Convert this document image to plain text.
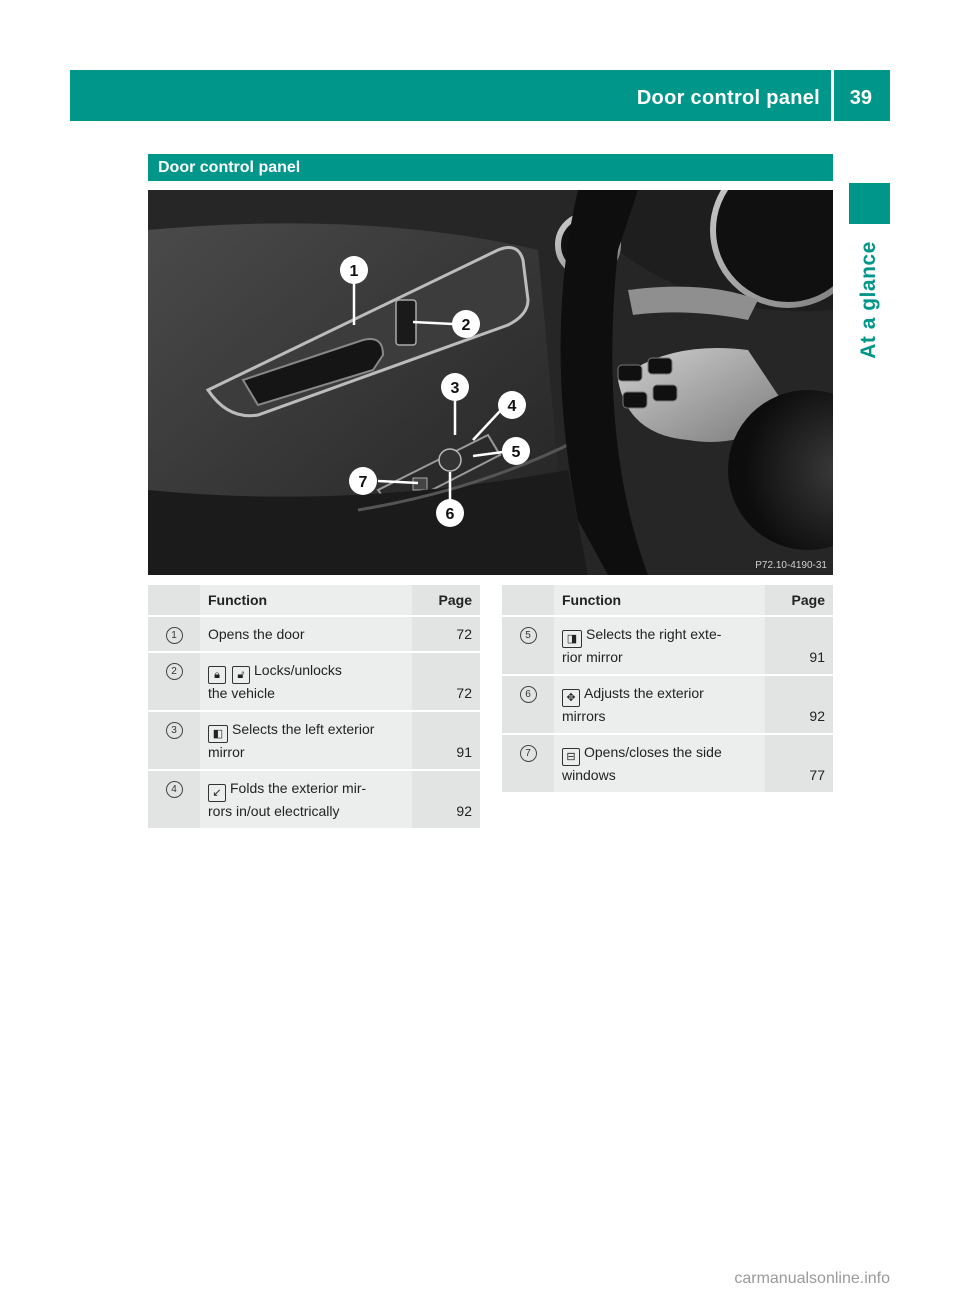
Door control panel 39
At a glance
Door control panel
1
2
3
4
5
6
7
P72.10-4190-31
	Function	Page
1	Opens the door	72
2	🔒︎ 🔓︎ Locks/unlocks
the vehicle	72
3	◧ Selects the left exterior
mirror	91
4	↙ Folds the exterior mir-
rors in/out electrically	92
	Function	Page
5	◨ Selects the right exte-
rior mirror	91
6	✥ Adjusts the exterior
mirrors	92
7	⊟ Opens/closes the side
windows	77
carmanualsonline.info
